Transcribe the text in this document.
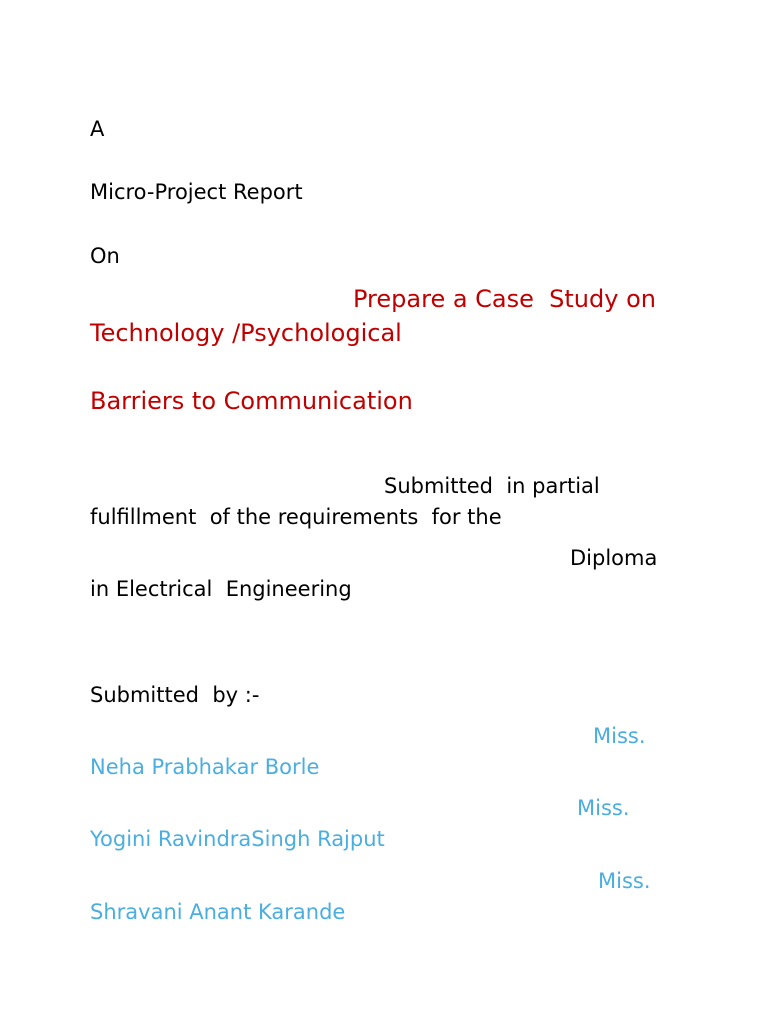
A
Micro-Project Report
On
Prepare a Case  Study on
Technology /Psychological
Barriers to Communication
Submitted  in partial
fulfillment  of the requirements  for the
Diploma
in Electrical  Engineering
Submitted  by :-
Miss.
Neha Prabhakar Borle
Miss.
Yogini RavindraSingh Rajput
Miss.
Shravani Anant Karande
